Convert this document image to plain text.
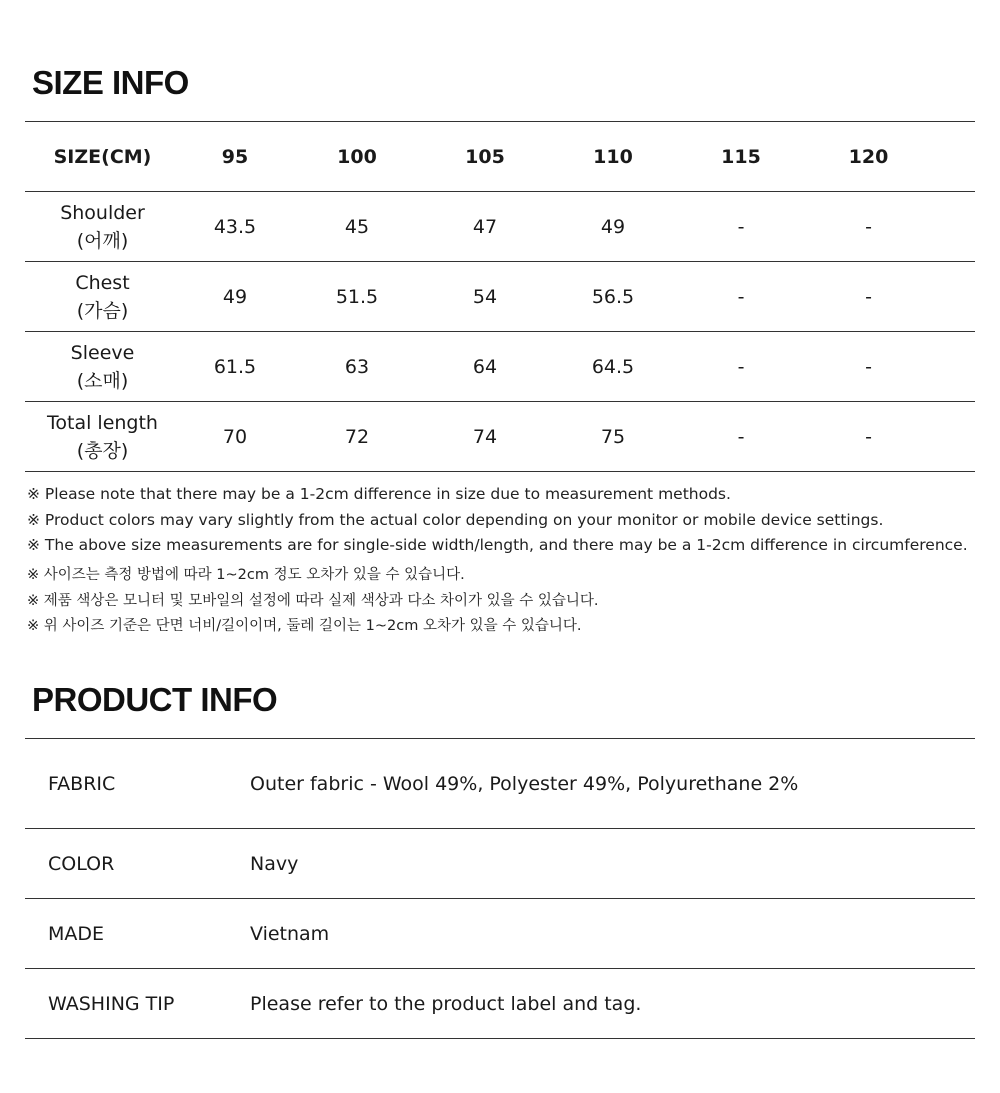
SIZE INFO
SIZE(CM)	95	100	105	110	115	120	

Shoulder
(어깨)	43.5	45	47	49	-	-	

Chest
(가슴)	49	51.5	54	56.5	-	-	

Sleeve
(소매)	61.5	63	64	64.5	-	-	

Total length
(총장)	70	72	74	75	-	-	
※ Please note that there may be a 1-2cm difference in size due to measurement methods.
※ Product colors may vary slightly from the actual color depending on your monitor or mobile device settings.
※ The above size measurements are for single-side width/length, and there may be a 1-2cm difference in circumference.
※ 사이즈는 측정 방법에 따라 1~2cm 정도 오차가 있을 수 있습니다.
※ 제품 색상은 모니터 및 모바일의 설정에 따라 실제 색상과 다소 차이가 있을 수 있습니다.
※ 위 사이즈 기준은 단면 너비/길이이며, 둘레 길이는 1~2cm 오차가 있을 수 있습니다.
PRODUCT INFO
FABRIC	Outer fabric - Wool 49%, Polyester 49%, Polyurethane 2%
COLOR	Navy
MADE	Vietnam
WASHING TIP	Please refer to the product label and tag.
